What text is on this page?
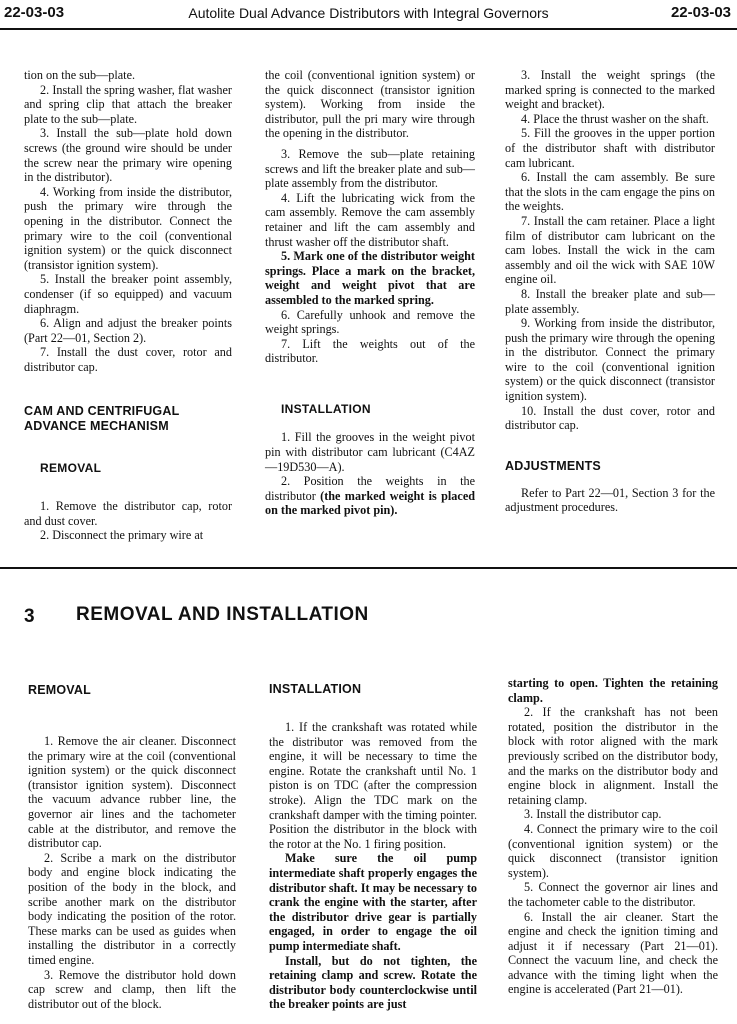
22-03-03	Autolite Dual Advance Distributors with Integral Governors	22-03-03

tion on the sub—plate.

2. Install the spring washer, flat washer and spring clip that attach the breaker plate to the sub—plate.

3. Install the sub—plate hold down screws (the ground wire should be under the screw near the primary wire opening in the distributor).

4. Working from inside the distributor, push the primary wire through the opening in the distributor. Connect the primary wire to the coil (conventional ignition system) or the quick disconnect (transistor ignition system).

5. Install the breaker point assembly, condenser (if so equipped) and vacuum diaphragm.

6. Align and adjust the breaker points (Part 22—01, Section 2).

7. Install the dust cover, rotor and distributor cap.

CAM AND CENTRIFUGAL
ADVANCE MECHANISM
REMOVAL

1. Remove the distributor cap, rotor and dust cover.

2. Disconnect the primary wire at

the coil (conventional ignition system) or the quick disconnect (transistor ignition system). Working from inside the distributor, pull the pri mary wire through the opening in the distributor.

3. Remove the sub—plate retaining screws and lift the breaker plate and sub—plate assembly from the distributor.

4. Lift the lubricating wick from the cam assembly. Remove the cam assembly retainer and lift the cam assembly and thrust washer off the distributor shaft.

5. Mark one of the distributor weight springs. Place a mark on the bracket, weight and weight pivot that are assembled to the marked spring.

6. Carefully unhook and remove the weight springs.

7. Lift the weights out of the distributor.

INSTALLATION

1. Fill the grooves in the weight pivot pin with distributor cam lubricant (C4AZ—19D530—A).

2. Position the weights in the distributor (the marked weight is placed on the marked pivot pin).

3. Install the weight springs (the marked spring is connected to the marked weight and bracket).

4. Place the thrust washer on the shaft.

5. Fill the grooves in the upper portion of the distributor shaft with distributor cam lubricant.

6. Install the cam assembly. Be sure that the slots in the cam engage the pins on the weights.

7. Install the cam retainer. Place a light film of distributor cam lubricant on the cam lobes. Install the wick in the cam assembly and oil the wick with SAE 10W engine oil.

8. Install the breaker plate and sub—plate assembly.

9. Working from inside the distributor, push the primary wire through the opening in the distributor. Connect the primary wire to the coil (conventional ignition system) or the quick disconnect (transistor ignition system).

10. Install the dust cover, rotor and distributor cap.

ADJUSTMENTS

Refer to Part 22—01, Section 3 for the adjustment procedures.

3 REMOVAL AND INSTALLATION
REMOVAL

1. Remove the air cleaner. Disconnect the primary wire at the coil (conventional ignition system) or the quick disconnect (transistor ignition system). Disconnect the vacuum advance rubber line, the governor air lines and the tachometer cable at the distributor, and remove the distributor cap.

2. Scribe a mark on the distributor body and engine block indicating the position of the body in the block, and scribe another mark on the distributor body indicating the position of the rotor. These marks can be used as guides when installing the distributor in a correctly timed engine.

3. Remove the distributor hold down cap screw and clamp, then lift the distributor out of the block.

INSTALLATION

1. If the crankshaft was rotated while the distributor was removed from the engine, it will be necessary to time the engine. Rotate the crankshaft until No. 1 piston is on TDC (after the compression stroke). Align the TDC mark on the crankshaft damper with the timing pointer. Position the distributor in the block with the rotor at the No. 1 firing position.

Make sure the oil pump intermediate shaft properly engages the distributor shaft. It may be necessary to crank the engine with the starter, after the distributor drive gear is partially engaged, in order to engage the oil pump intermediate shaft.

Install, but do not tighten, the retaining clamp and screw. Rotate the distributor body counterclockwise until the breaker points are just

starting to open. Tighten the retaining clamp.

2. If the crankshaft has not been rotated, position the distributor in the block with rotor aligned with the mark previously scribed on the distributor body, and the marks on the distributor body and engine block in alignment. Install the retaining clamp.

3. Install the distributor cap.

4. Connect the primary wire to the coil (conventional ignition system) or the quick disconnect (transistor ignition system).

5. Connect the governor air lines and the tachometer cable to the distributor.

6. Install the air cleaner. Start the engine and check the ignition timing and adjust it if necessary (Part 21—01). Connect the vacuum line, and check the advance with the timing light when the engine is accelerated (Part 21—01).
